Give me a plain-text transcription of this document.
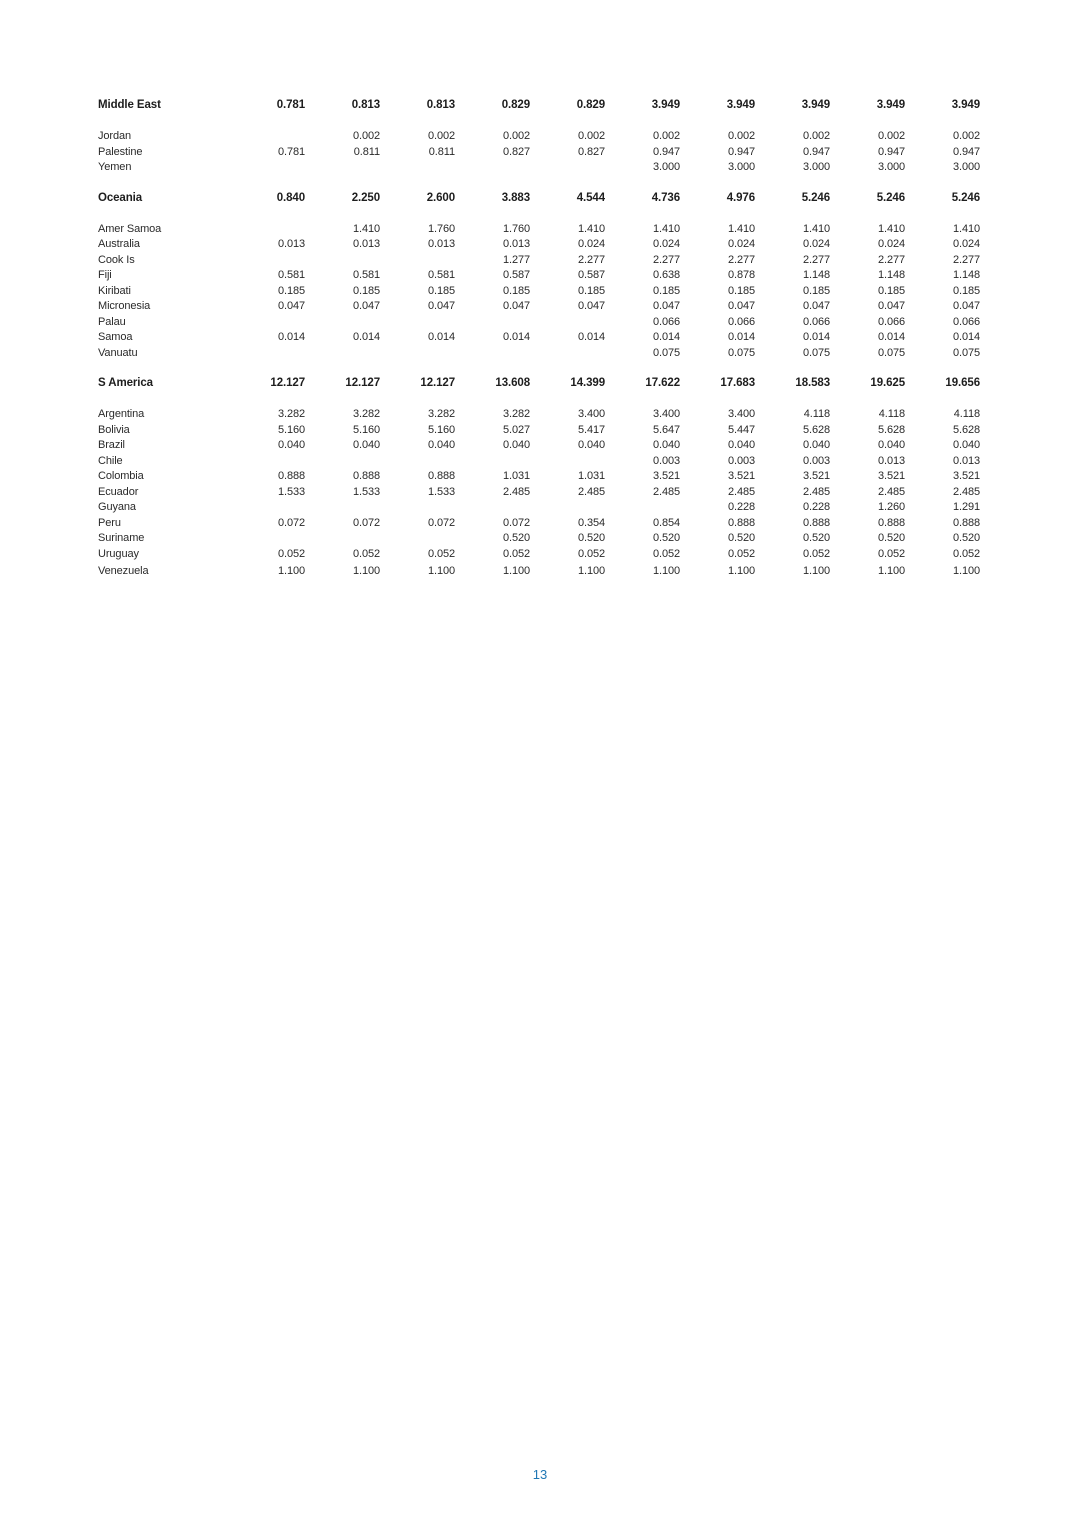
Middle East	0.781	0.813	0.813	0.829	0.829	3.949	3.949	3.949	3.949	3.949

Jordan		0.002	0.002	0.002	0.002	0.002	0.002	0.002	0.002	0.002
Palestine	0.781	0.811	0.811	0.827	0.827	0.947	0.947	0.947	0.947	0.947
Yemen						3.000	3.000	3.000	3.000	3.000

Oceania	0.840	2.250	2.600	3.883	4.544	4.736	4.976	5.246	5.246	5.246

Amer Samoa		1.410	1.760	1.760	1.410	1.410	1.410	1.410	1.410	1.410
Australia	0.013	0.013	0.013	0.013	0.024	0.024	0.024	0.024	0.024	0.024
Cook Is				1.277	2.277	2.277	2.277	2.277	2.277	2.277
Fiji	0.581	0.581	0.581	0.587	0.587	0.638	0.878	1.148	1.148	1.148
Kiribati	0.185	0.185	0.185	0.185	0.185	0.185	0.185	0.185	0.185	0.185
Micronesia	0.047	0.047	0.047	0.047	0.047	0.047	0.047	0.047	0.047	0.047
Palau						0.066	0.066	0.066	0.066	0.066
Samoa	0.014	0.014	0.014	0.014	0.014	0.014	0.014	0.014	0.014	0.014
Vanuatu						0.075	0.075	0.075	0.075	0.075

S America	12.127	12.127	12.127	13.608	14.399	17.622	17.683	18.583	19.625	19.656

Argentina	3.282	3.282	3.282	3.282	3.400	3.400	3.400	4.118	4.118	4.118
Bolivia	5.160	5.160	5.160	5.027	5.417	5.647	5.447	5.628	5.628	5.628
Brazil	0.040	0.040	0.040	0.040	0.040	0.040	0.040	0.040	0.040	0.040
Chile						0.003	0.003	0.003	0.013	0.013
Colombia	0.888	0.888	0.888	1.031	1.031	3.521	3.521	3.521	3.521	3.521
Ecuador	1.533	1.533	1.533	2.485	2.485	2.485	2.485	2.485	2.485	2.485
Guyana							0.228	0.228	1.260	1.291
Peru	0.072	0.072	0.072	0.072	0.354	0.854	0.888	0.888	0.888	0.888
Suriname				0.520	0.520	0.520	0.520	0.520	0.520	0.520
Uruguay	0.052	0.052	0.052	0.052	0.052	0.052	0.052	0.052	0.052	0.052
Venezuela	1.100	1.100	1.100	1.100	1.100	1.100	1.100	1.100	1.100	1.100
13
